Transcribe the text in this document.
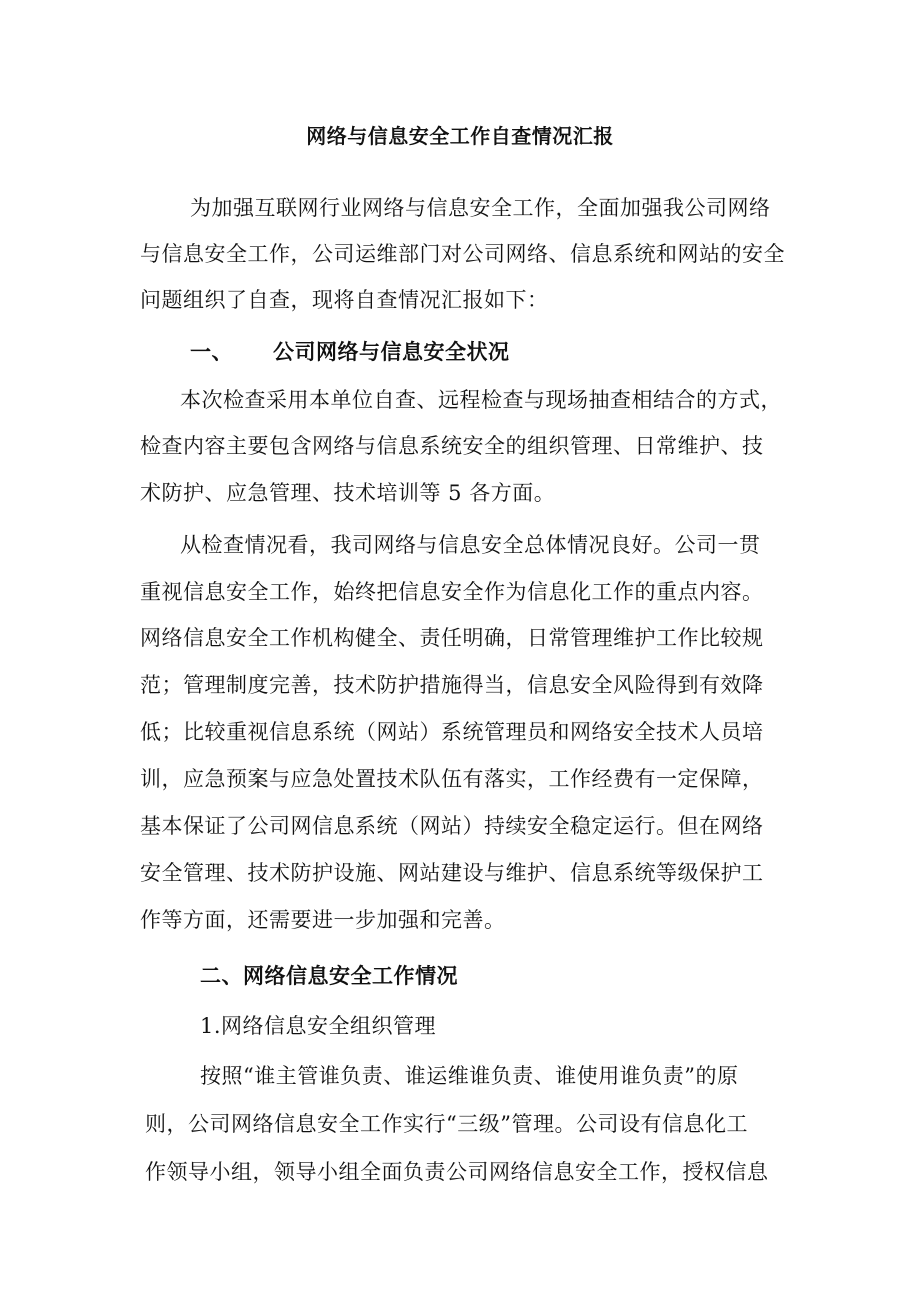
网络与信息安全工作自查情况汇报
为加强互联网行业网络与信息安全工作，全面加强我公司网络
与信息安全工作，公司运维部门对公司网络、信息系统和网站的安全
问题组织了自查，现将自查情况汇报如下：
一、 公司网络与信息安全状况
本次检查采用本单位自查、远程检查与现场抽查相结合的方式，
检查内容主要包含网络与信息系统安全的组织管理、日常维护、技
术防护、应急管理、技术培训等 5 各方面。
从检查情况看，我司网络与信息安全总体情况良好。公司一贯
重视信息安全工作，始终把信息安全作为信息化工作的重点内容。
网络信息安全工作机构健全、责任明确，日常管理维护工作比较规
范；管理制度完善，技术防护措施得当，信息安全风险得到有效降
低；比较重视信息系统（网站）系统管理员和网络安全技术人员培
训，应急预案与应急处置技术队伍有落实，工作经费有一定保障，
基本保证了公司网信息系统（网站）持续安全稳定运行。但在网络
安全管理、技术防护设施、网站建设与维护、信息系统等级保护工
作等方面，还需要进一步加强和完善。
二、网络信息安全工作情况
1.网络信息安全组织管理
按照“谁主管谁负责、谁运维谁负责、谁使用谁负责”的原
则，公司网络信息安全工作实行“三级”管理。公司设有信息化工
作领导小组，领导小组全面负责公司网络信息安全工作，授权信息
